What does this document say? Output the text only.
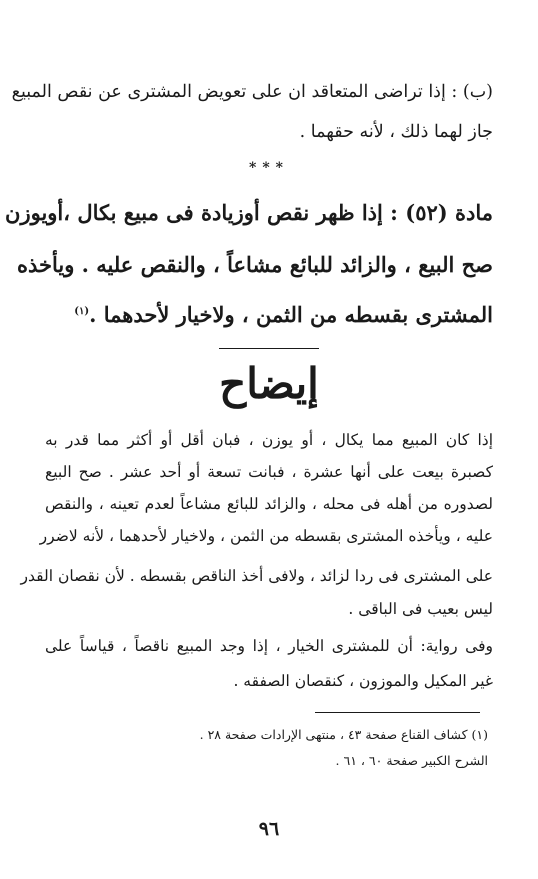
(ب) : إذا تراضى المتعاقد ان على تعويض المشترى عن نقص المبيع
جاز لهما ذلك ، لأنه حقهما .
***
مادة (٥٢) : إذا ظهر نقص أوزيادة فى مبيع بكال ،أويوزن
صح البيع ، والزائد للبائع مشاعاً ، والنقص عليه . ويأخذه
المشترى بقسطه من الثمن ، ولاخيار لأحدهما .$^{(١)}$
إيضاح
إذا كان المبيع مما يكال ، أو يوزن ، فبان أقل أو أكثر مما قدر به
كصبرة بيعت على أنها عشرة ، فبانت تسعة أو أحد عشر . صح البيع
لصدوره من أهله فى محله ، والزائد للبائع مشاعاً لعدم تعينه ، والنقص
عليه ، ويأخذه المشترى بقسطه من الثمن ، ولاخيار لأحدهما ، لأنه لاضرر
على المشترى فى ردا لزائد ، ولافى أخذ الناقص بقسطه . لأن نقصان القدر
ليس بعيب فى الباقى .
وفى رواية: أن للمشترى الخيار ، إذا وجد المبيع ناقصاً ، قياساً على
غير المكيل والموزون ، كنقصان الصفقه .
(١) كشاف القناع صفحة ٤٣ ، منتهى الإرادات صفحة ٢٨ .
الشرح الكبير صفحة ٦٠ ، ٦١ .
٩٦
